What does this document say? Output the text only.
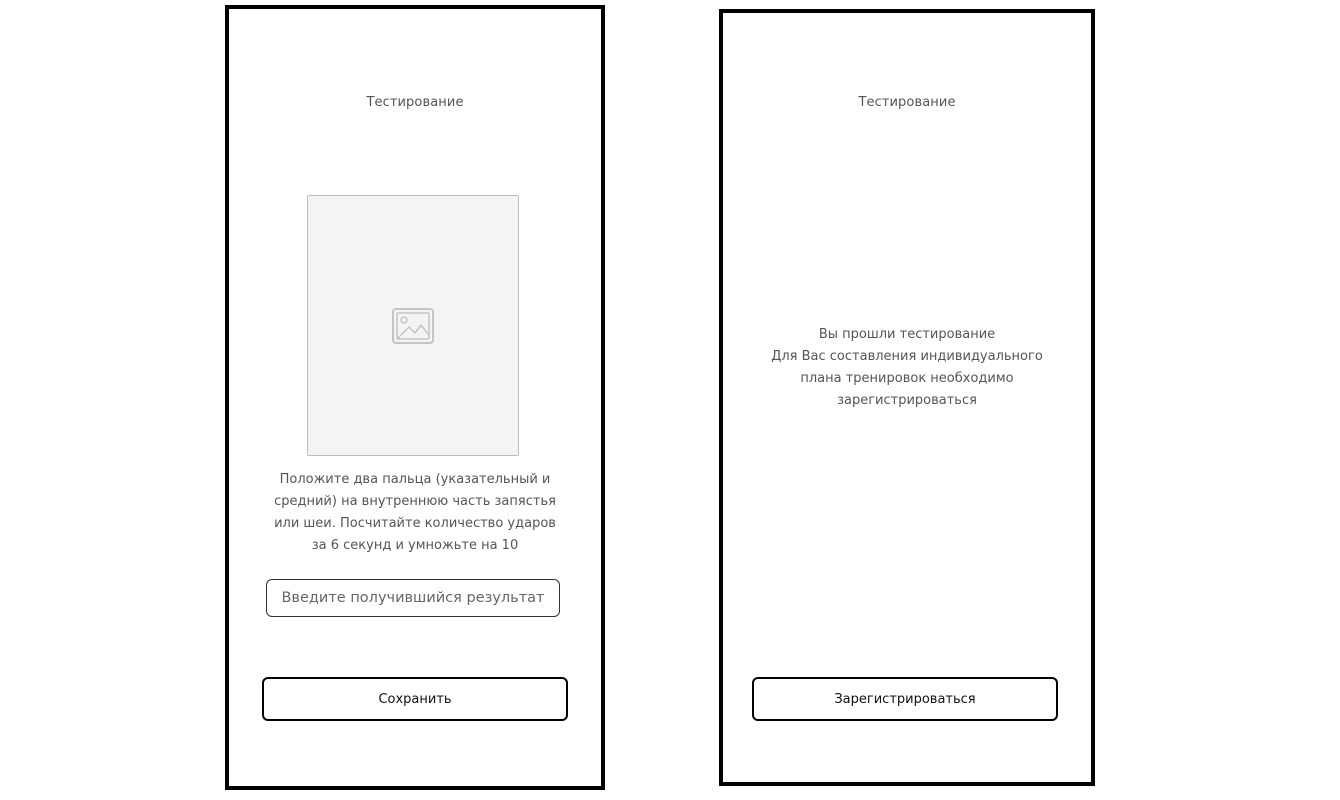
Тестирование
Положите два пальца (указательный и
средний) на внутреннюю часть запястья
или шеи. Посчитайте количество ударов
за 6 секунд и умножьте на 10
Введите получившийся результат
Сохранить
Тестирование
Вы прошли тестирование
Для Вас составления индивидуального
плана тренировок необходимо
зарегистрироваться
Зарегистрироваться
